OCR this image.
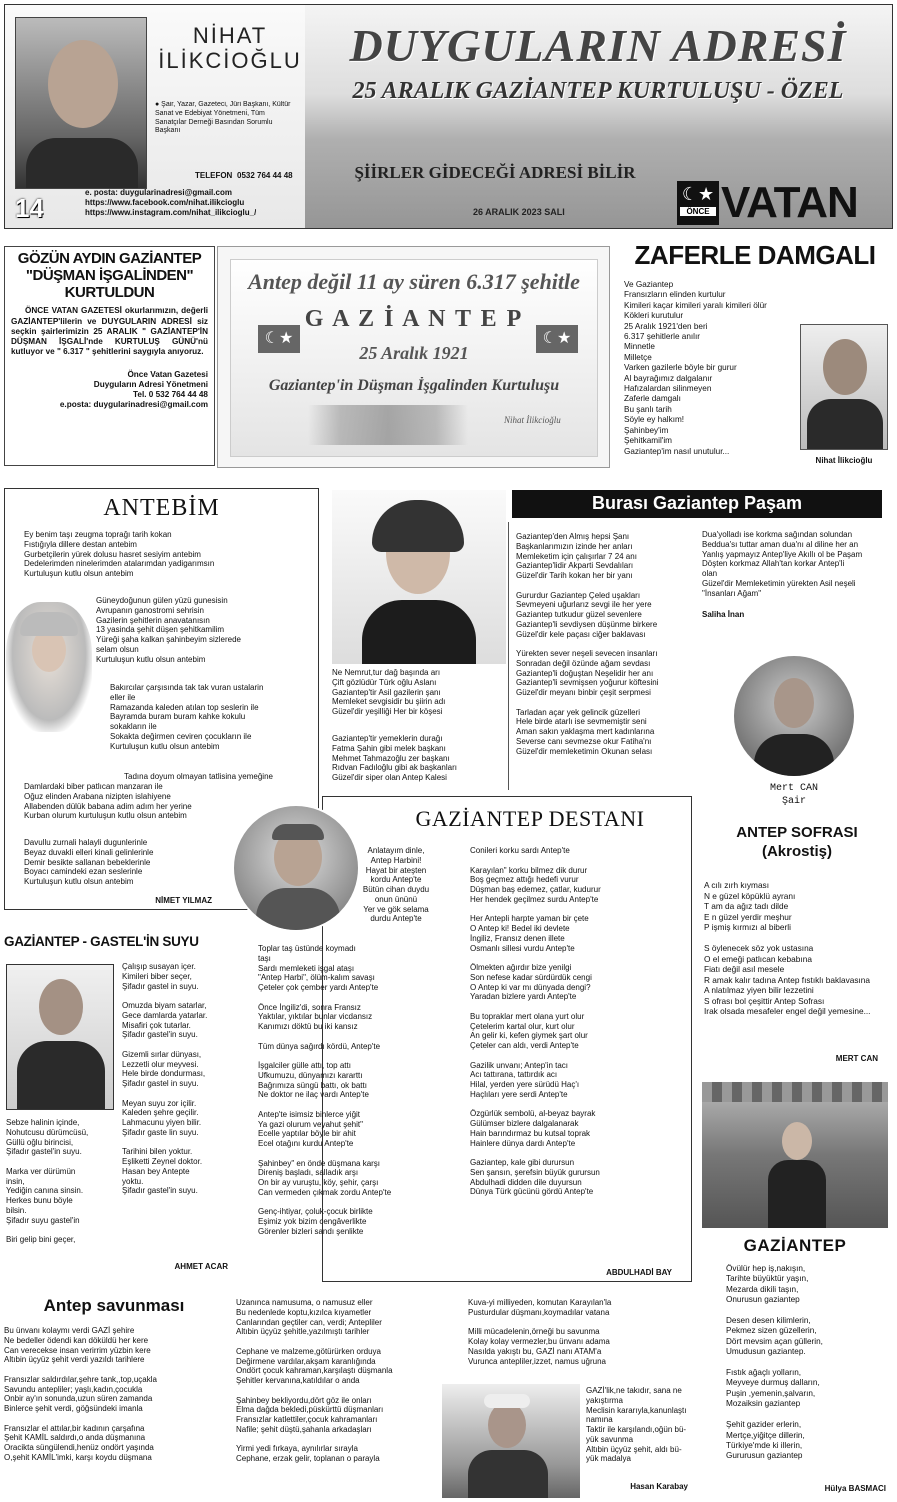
NİHAT
İLİKCİOĞLU
● Şair, Yazar, Gazeteci, Jüri Başkanı, Kültür Sanat ve Edebiyat Yönetmeni, Tüm Sanatçılar Derneği Basından Sorumlu Başkanı
TELEFON 0532 764 44 48
14
e. posta: duygularinadresi@gmail.com
https://www.facebook.com/nihat.ilikcioglu
https://www.instagram.com/nihat_ilikcioglu_/
DUYGULARIN ADRESİ
25 ARALIK GAZİANTEP KURTULUŞU - ÖZEL
ŞİİRLER GİDECEĞİ ADRESİ BİLİR
26 ARALIK 2023 SALI
☾★
ÖNCE VATAN
GÖZÜN AYDIN GAZİANTEP "DÜŞMAN İŞGALİNDEN" KURTULDUN
ÖNCE VATAN GAZETESİ okurlarımızın, değerli GAZİANTEP'lilerin ve DUYGULARIN ADRESİ siz seçkin şairlerimizin 25 ARALIK " GAZİANTEP'İN DÜŞMAN İŞGALİ'nde KURTULUŞ GÜNÜ'nü kutluyor ve " 6.317 " şehitlerini saygıyla anıyoruz.
Önce Vatan Gazetesi
Duyguların Adresi Yönetmeni
Tel. 0 532 764 44 48
e.posta: duygularinadresi@gmail.com
Antep değil 11 ay süren 6.317 şehitle
G A Z İ A N T E P
☾★	☾★
25 Aralık 1921
Gaziantep'in Düşman İşgalinden Kurtuluşu
Nihat İlikcioğlu
ZAFERLE DAMGALI
Ve Gaziantep
Fransızların elinden kurtulur
Kimileri kaçar kimileri yaralı kimileri ölür
Kökleri kurutulur
25 Aralık 1921'den beri
6.317 şehitlerle anılır
Minnetle
Milletçe
Varken gazilerle böyle bir gurur
Al bayrağımız dalgalanır
Hafızalardan silinmeyen
Zaferle damgalı
Bu şanlı tarih
Söyle ey halkım!
Şahinbey'im
Şehitkamil'im
Gaziantep'im nasıl unutulur...
Nihat İlikcioğlu
ANTEBİM
Ey benim taşı zeugma toprağı tarih kokan
Fıstığıyla dillere destan antebim
Gurbetçilerin yürek dolusu hasret sesiyim antebim
Dedelerimden ninelerimden atalarımdan yadigarımsın
Kurtuluşun kutlu olsun antebim
Güneydoğunun gülen yüzü gunesisin
Avrupanın ganostromi sehrisin
Gazilerin şehitlerin anavatanısın
13 yasinda şehit düşen şehitkamilim
Yüreği şaha kalkan şahinbeyim sizlerede
selam olsun
Kurtuluşun kutlu olsun antebim
Bakırcılar çarşısında tak tak vuran ustalarin
eller ile
Ramazanda kaleden atılan top seslerin ile
Bayramda buram buram kahke kokulu
sokakların ile
Sokakta değirmen ceviren çocukların ile
Kurtuluşun kutlu olsun antebim
Tadına doyum olmayan tatlisina yemeğine
Damlardaki biber patlıcan manzaran ile
Oğuz elinden Arabana nizipten islahiyene
Allabenden dülük babana adim adım her yerine
Kurban olurum kurtuluşun kutlu olsun antebim
Davullu zurnali halayli dugunlerinle
Beyaz duvakli elleri kinali gelinlerinle
Demir besikte sallanan bebeklerinle
Boyacı camindeki ezan seslerinle
Kurtuluşun kutlu olsun antebim
NİMET YILMAZ
Burası Gaziantep Paşam
Gaziantep'den Almış hepsi Şanı
Başkanlarımızın izinde her anları
Memleketim için çalışırlar 7 24 anı
Gaziantep'lidir Akparti Sevdalıları
Güzel'dir Tarih kokan her bir yanı

Gururdur Gaziantep Çeled uşakları
Sevmeyeni uğurlarız sevgi ile her yere
Gaziantep tutkudur güzel sevenlere
Gaziantep'li sevdiysen düşünme birkere
Güzel'dir kele paçası ciğer baklavası

Yürekten sever neşeli sevecen insanları
Sonradan değil özünde ağam sevdası
Gaziantep'li doğuştan Neşelidir her anı
Gaziantep'li sevmişsen yoğurur köftesini
Güzel'dir meyanı binbir çeşit serpmesi

Tarladan açar yek gelincik güzelleri
Hele birde atarlı ise sevmemiştir seni
Aman sakın yaklaşma mert kadınlarına
Severse canı sevmezse okur Fatiha'nı
Güzel'dir memleketimin Okunan selası
Dua'yolladı ise korkma sağından solundan
Beddua'sı tuttar aman dua'nı al diline her an
Yanlış yapmayız Antep'liye Akıllı ol be Paşam
Döşten korkmaz Allah'tan korkar Antep'li
olan
Güzel'dir Memleketimin yürekten Asil neşeli
"İnsanları Ağam"
Saliha İnan
Ne Nemrut,tur dağ başında arı
Çift gözlüdür Türk oğlu Aslanı
Gaziantep'tir Asil gazilerin şanı
Memleket sevgisidir bu şiirin adı
Güzel'dir yeşilliği Her bir köşesi
Gaziantep'tir yemeklerin durağı
Fatma Şahin gibi melek başkanı
Mehmet Tahmazoğlu zer başkanı
Rıdvan Fadıloğlu gibi ak başkanları
Güzel'dir siper olan Antep Kalesi
Mert CAN
Şair
ANTEP SOFRASI
(Akrostiş)
A cılı zırh kıyması
N e güzel köpüklü ayranı
T am da ağız tadı dilde
E n güzel yerdir meşhur
P işmiş kırmızı al biberli

S öylenecek söz yok ustasına
O el emeği patlıcan kebabına
Fiatı değil asıl mesele
R amak kalır tadına Antep fıstıklı baklavasına
A nlatılmaz yiyen bilir lezzetini
S ofrası bol çeşittir Antep Sofrası
Irak olsada mesafeler engel değil yemesine...
MERT CAN
GAZİANTEP DESTANI
Anlatayım dinle,
Antep Harbini!
Hayat bir ateşten
kordu Antep'te
Bütün cihan duydu
onun ününü
Yer ve gök selama
durdu Antep'te
Toplar taş üstünde koymadı
taşı
Sardı memleketi işgal ataşı
"Antep Harbi", ölüm-kalım savaşı
Çeteler çok çember yardı Antep'te

Önce İngiliz'di, sonra Fransız
Yaktılar, yıktılar bunlar vicdansız
Kanımızı döktü bu iki kansız

Tüm dünya sağırdı kördü, Antep'te

İşgalciler gülle attı, top attı
Ufkumuzu, dünyamızı kararttı
Bağrımıza süngü battı, ok battı
Ne doktor ne ilaç vardı Antep'te

Antep'te isimsiz binlerce yiğit
Ya gazi olurum veyahut şehit"
Ecelle yaptılar böyle bir ahit
Ecel otağını kurdu Antep'te

Şahinbey" en önde düşmana karşı
Direniş başladı, salladık arşı
On bir ay vuruştu, köy, şehir, çarşı
Can vermeden çıkmak zordu Antep'te

Genç-ihtiyar, çoluk-çocuk birlikte
Eşimiz yok bizim cengâverlikte
Görenler bizleri sandı şenlikte
Conileri korku sardı Antep'te

Karayılan" korku bilmez dik durur
Boş geçmez attığı hedefi vurur
Düşman baş edemez, çatlar, kudurur
Her hendek geçilmez surdu Antep'te

Her Antepli harpte yaman bir çete
O Antep ki! Bedel iki devlete
İngiliz, Fransız denen illete
Osmanlı sillesi vurdu Antep'te

Ölmekten ağırdır bize yenilgi
Son nefese kadar sürdürdük cengi
O Antep ki var mı dünyada dengi?
Yaradan bizlere yardı Antep'te

Bu topraklar mert olana yurt olur
Çetelerim kartal olur, kurt olur
An gelir ki, kefen giymek şart olur
Çeteler can aldı, verdi Antep'te

Gazilik unvanı; Antep'in tacı
Acı tattırana, tattırdık acı
Hilal, yerden yere sürüdü Haç'ı
Haçlıları yere serdi Antep'te

Özgürlük sembolü, al-beyaz bayrak
Gülümser bizlere dalgalanarak
Hain barındırmaz bu kutsal toprak
Hainlere dünya dardı Antep'te

Gaziantep, kale gibi durursun
Sen şansın, şerefsin büyük gurursun
Abdulhadi didden dile duyursun
Dünya Türk gücünü gördü Antep'te
ABDULHADİ BAY
GAZİANTEP - GASTEL'İN SUYU
Çalışıp susayan içer.
Kimileri biber seçer,
Şifadır gastel in suyu.

Omuzda biyam satarlar,
Gece damlarda yatarlar.
Misafiri çok tutarlar.
Şifadır gastel'in suyu.

Gizemli sırlar dünyası,
Lezzetli olur meyvesi.
Hele birde dondurması,
Şifadır gastel in suyu.

Meyan suyu zor içilir.
Kaleden şehre geçilir.
Lahmacunu yiyen bilir.
Şifadır gaste lin suyu.

Tarihini bilen yoktur.
Eşliketti Zeynel doktor.
Hasan bey Antepte
yoktu.
Şifadır gastel'in suyu.
Sebze halinin içinde,
Nohutcusu dürümcüsü,
Güllü oğlu birincisi,
Şifadır gastel'in suyu.

Marka ver dürümün
insin,
Yediğin canına sinsin.
Herkes bunu böyle
bilsin.
Şifadır suyu gastel'in

Biri gelip bini geçer,
AHMET ACAR
GAZİANTEP
Övülür hep iş,nakışın,
Tarihte büyüktür yaşın,
Mezarda dikili taşın,
Onurusun gaziantep

Desen desen kilimlerin,
Pekmez sizen güzellerin,
Dört mevsim açan güllerin,
Umudusun gaziantep.

Fıstık ağaçlı yolların,
Meyveye durmuş dalların,
Puşin ,yemenin,şalvarın,
Mozaiksin gaziantep

Şehit gazider erlerin,
Mertçe,yiğitçe dillerin,
Türkiye'mde ki illerin,
Gururusun gaziantep
Hülya BASMACI
Antep savunması
Bu ünvanı kolaymı verdi GAZİ şehire
Ne bedeller ödendi kan döküldü her kere
Can verecekse insan verirrim yüzbin kere
Altıbin üçyüz şehit verdi yazıldı tarihlere

Fransızlar saldırdılar,şehre tank,,top,uçakla
Savundu antepliler; yaşlı,kadın,çocukla
Onbir ay'ın sonunda,uzun süren zamanda
Binlerce şehit verdi, göğsündeki imanla

Fransızlar el attılar,bir kadının çarşafına
Şehit KAMİL saldırdı,o anda düşmanına
Oracikta süngülendi,henüz ondört yaşında
O,şehit KAMİL'imki, karşı koydu düşmana
Uzanınca namusuma, o namusuz eller
Bu nedenlede koptu,kızılca kıyametler
Canlarından geçtiler can, verdi; Antepliler
Altıbin üçyüz şehitle,yazılmıştı tarihler

Cephane ve malzeme,götürürken orduya
Değirmene vardılar,akşam karanlığında
Ondört çocuk kahraman,karşılaştı düşmanla
Şehitler kervanına,katıldılar o anda

Şahinbey bekliyordu,dört göz ile onları
Elma dağda bekledi,püskürttü düşmanları
Fransızlar katlettiler,çocuk kahramanları
Nafile; şehit düştü,şahanla arkadaşları

Yirmi yedi fırkaya, aynılırlar sırayla
Cephane, erzak gelir, toplanan o parayla
Kuva-yi milliyeden, komutan Karayılan'la
Pusturdular düşmanı,koymadılar vatana

Milli mücadelenin,örneği bu savunma
Kolay kolay vermezler,bu ünvanı adama
Nasılda yakıştı bu, GAZİ nanı ATAM'a
Vurunca antepliler,izzet, namus uğruna
GAZİ'lik,ne takıdır, sana ne
yakıştırma
Meclisin kararıyla,kanunlaştı
namına
Taktir ile karşılandı,oğün bü-
yük savunma
Altıbin üçyüz şehit, aldı bü-
yük madalya
Hasan Karabay
